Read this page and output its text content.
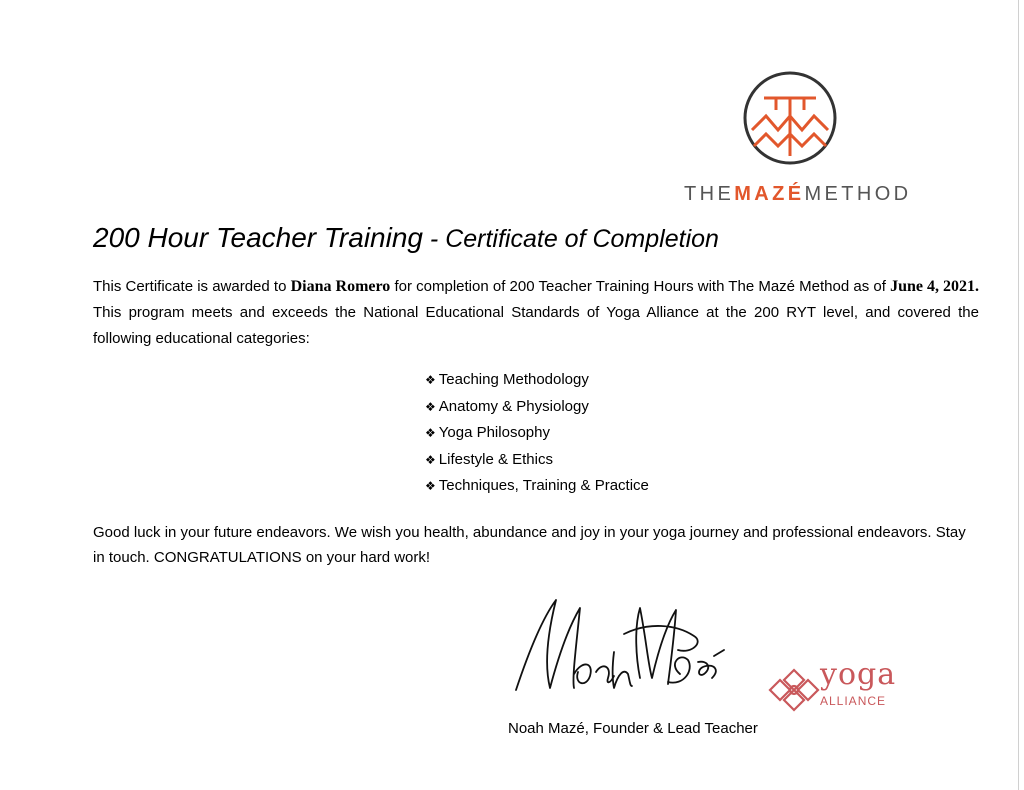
THEMAZÉMETHOD
200 Hour Teacher Training - Certificate of Completion
This Certificate is awarded to Diana Romero for completion of 200 Teacher Training Hours with The Mazé Method as of June 4, 2021. This program meets and exceeds the National Educational Standards of Yoga Alliance at the 200 RYT level, and covered the following educational categories:
❖ Teaching Methodology
❖ Anatomy & Physiology
❖ Yoga Philosophy
❖ Lifestyle & Ethics
❖ Techniques, Training & Practice
Good luck in your future endeavors. We wish you health, abundance and joy in your yoga journey and professional endeavors. Stay in touch. CONGRATULATIONS on your hard work!
yoga
ALLIANCE
Noah Mazé, Founder & Lead Teacher
